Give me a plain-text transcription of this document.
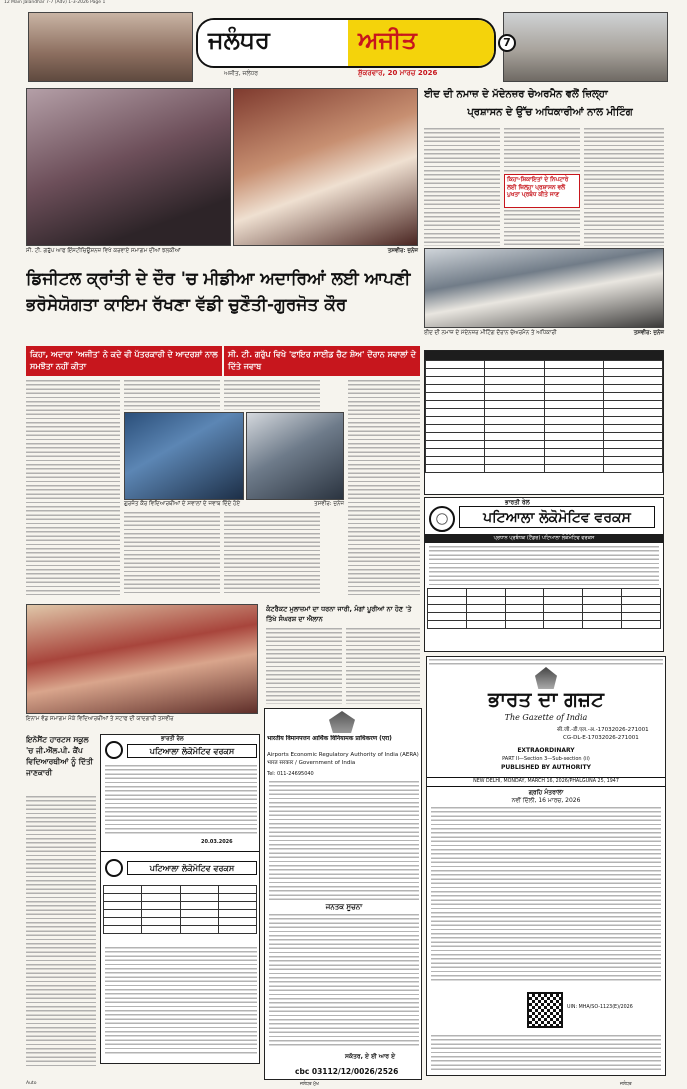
12 Main Jalandhar 7-7 (Adv) 1-3-2026 Page 1
ਜਲੰਧਰ	ਅਜੀਤ
ਅਜੀਤ, ਜਲੰਧਰ	ਸ਼ੁੱਕਰਵਾਰ, 20 ਮਾਰਚ 2026
7
ਸੀ. ਟੀ. ਗਰੁੱਪ ਆਫ ਇੰਸਟੀਚਿਊਸ਼ਨਜ਼ ਵਿਖੇ ਕਰਵਾਏ ਸਮਾਗਮ ਦੀਆਂ ਝਲਕੀਆਂ	ਤਸਵੀਰ: ਜੁਨੇਜ
ਡਿਜੀਟਲ ਕ੍ਰਾਂਤੀ ਦੇ ਦੌਰ 'ਚ ਮੀਡੀਆ ਅਦਾਰਿਆਂ ਲਈ ਆਪਣੀ
ਭਰੋਸੇਯੋਗਤਾ ਕਾਇਮ ਰੱਖਣਾ ਵੱਡੀ ਚੁਣੌਤੀ-ਗੁਰਜੋਤ ਕੌਰ
ਕਿਹਾ, ਅਦਾਰਾ 'ਅਜੀਤ' ਨੇ ਕਦੇ ਵੀ ਪੱਤਰਕਾਰੀ ਦੇ ਆਦਰਸ਼ਾਂ ਨਾਲ ਸਮਝੌਤਾ ਨਹੀਂ ਕੀਤਾ
ਸੀ. ਟੀ. ਗਰੁੱਪ ਵਿਖੇ 'ਫਾਇਰ ਸਾਈਡ ਚੈਟ ਸ਼ੋਅ' ਦੌਰਾਨ ਸਵਾਲਾਂ ਦੇ ਦਿੱਤੇ ਜਵਾਬ
ਗੁਰਜੋਤ ਕੌਰ ਵਿਦਿਆਰਥੀਆਂ ਦੇ ਸਵਾਲਾਂ ਦੇ ਜਵਾਬ ਦਿੰਦੇ ਹੋਏ	ਤਸਵੀਰ: ਜੁਨੇਜ
ਈਦ ਦੀ ਨਮਾਜ਼ ਦੇ ਮੱਦੇਨਜ਼ਰ ਚੇਅਰਮੈਨ ਵਲੋਂ ਜ਼ਿਲ੍ਹਾ
ਪ੍ਰਸ਼ਾਸਨ ਦੇ ਉੱਚ ਅਧਿਕਾਰੀਆਂ ਨਾਲ ਮੀਟਿੰਗ
ਕਿਹਾ-ਸ਼ਿਕਾਇਤਾਂ ਦੇ ਨਿਪਟਾਰੇ ਲਈ ਜ਼ਿਲ੍ਹਾ ਪ੍ਰਸ਼ਾਸਨ ਵਲੋਂ ਪੁਖਤਾ ਪ੍ਰਬੰਧ ਕੀਤੇ ਜਾਣ
ਈਦ ਦੀ ਨਮਾਜ਼ ਦੇ ਮੱਦੇਨਜ਼ਰ ਮੀਟਿੰਗ ਦੌਰਾਨ ਚੇਅਰਮੈਨ ਤੇ ਅਧਿਕਾਰੀ	ਤਸਵੀਰ: ਜੁਨੇਜ

ਭਾਰਤੀ ਰੇਲ
ਪਟਿਆਲਾ ਲੋਕੋਮੋਟਿਵ ਵਰਕਸ
ਪ੍ਰਧਾਨ ਪ੍ਰਬੰਧਕ (ਟੈਂਡਰ) ਪਟਿਆਲਾ ਲੋਕੋਮੋਟਿਵ ਵਰਕਸ

ਇਨਾਮ ਵੰਡ ਸਮਾਗਮ ਮੌਕੇ ਵਿਦਿਆਰਥੀਆਂ ਤੇ ਸਟਾਫ ਦੀ ਯਾਦਗਾਰੀ ਤਸਵੀਰ
ਇਨੋਸੈਂਟ ਹਾਰਟਸ ਸਕੂਲ 'ਚ ਜੀ.ਐੱਲ.ਪੀ. ਕੈਂਪ ਵਿਦਿਆਰਥੀਆਂ ਨੂੰ ਦਿੱਤੀ ਜਾਣਕਾਰੀ
ਭਾਰਤੀ ਰੇਲ
ਪਟਿਆਲਾ ਲੋਕੋਮੋਟਿਵ ਵਰਕਸ
20.03.2026
ਪਟਿਆਲਾ ਲੋਕੋਮੋਟਿਵ ਵਰਕਸ

ਕੰਟਰੈਕਟ ਮੁਲਾਜ਼ਮਾਂ ਦਾ ਧਰਨਾ ਜਾਰੀ, ਮੰਗਾਂ ਪੂਰੀਆਂ ਨਾ ਹੋਣ 'ਤੇ ਤਿੱਖੇ ਸੰਘਰਸ਼ ਦਾ ਐਲਾਨ
भारतीय विमानपत्तन आर्थिक विनियामक प्राधिकरण (एरा)
Airports Economic Regulatory Authority of India (AERA)
भारत सरकार / Government of India
Tel: 011-24695040
ਜਨਤਕ ਸੂਚਨਾ
ਸਕੱਤਰ, ਏ ਈ ਆਰ ਏ
cbc 03112/12/0026/2526
ਭਾਰਤ ਦਾ ਗਜ਼ਟ
The Gazette of India
सी.जी.-डी.एल.-अ.-17032026-271001
CG-DL-E-17032026-271001
EXTRAORDINARY
PART II—Section 3—Sub-section (ii)
PUBLISHED BY AUTHORITY
NEW DELHI, MONDAY, MARCH 16, 2026/PHALGUNA 25, 1947
ਗ੍ਰਹਿ ਮੰਤਰਾਲਾ
ਨਵੀਂ ਦਿੱਲੀ, 16 ਮਾਰਚ, 2026
UIN: MHA/SO-1123(E)/2026
Auto	ਜਲੰਧਰ ਮੁੱਖ	ਜਲੰਧਰ
